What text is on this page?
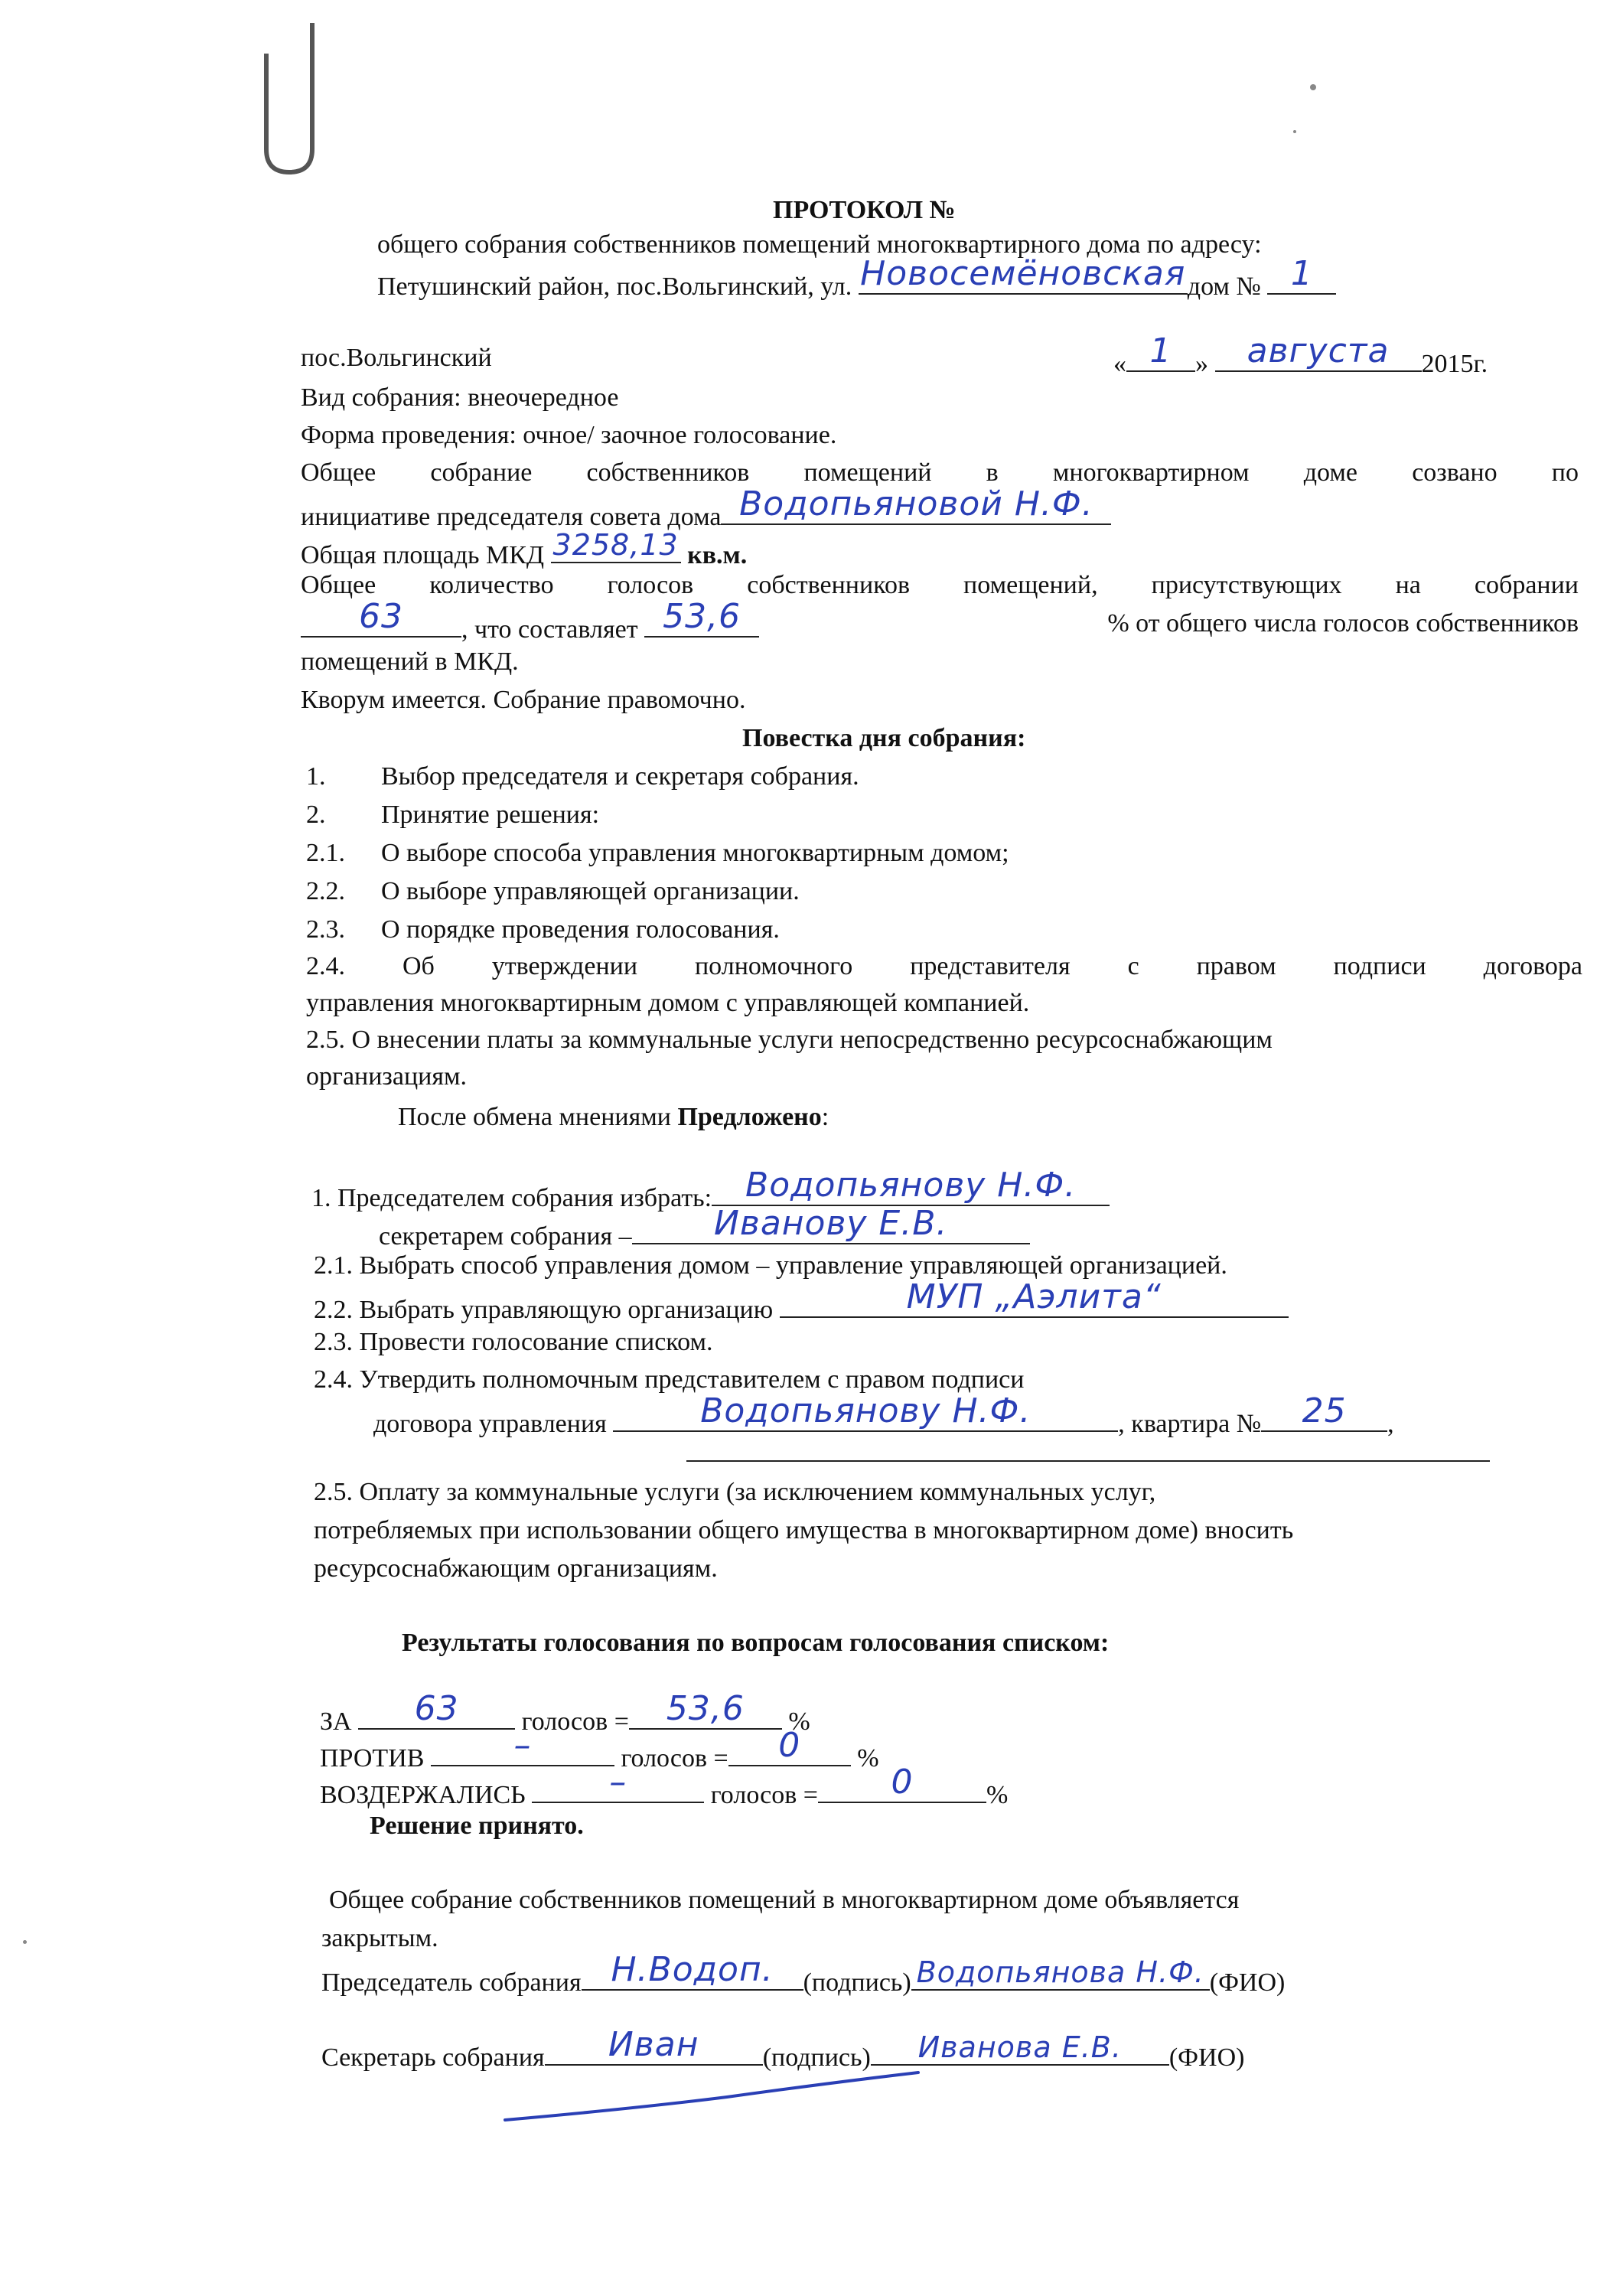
ПРОТОКОЛ №
общего собрания собственников помещений многоквартирного дома по адресу:
Петушинский район, пос.Вольгинский, ул. Новосемёновская дом № 1
пос.Вольгинский	« 1 »	августа	2015г.
Вид собрания: внеочередное
Форма проведения: очное/ заочное голосование.
Общее собрание собственников помещений в многоквартирном доме созвано по
инициативе председателя совета дома Водопьяновой Н.Ф.
Общая площадь МКД 3258,13 кв.м.
Общее количество голосов собственников помещений, присутствующих на собрании
63	, что составляет 53,6	% от общего числа голосов собственников
помещений в МКД.
Кворум имеется. Собрание правомочно.
Повестка дня собрания:
1. Выбор председателя и секретаря собрания.
2. Принятие решения:
2.1. О выборе способа управления многоквартирным домом;
2.2. О выборе управляющей организации.
2.3. О порядке проведения голосования.
2.4. Об утверждении полномочного представителя с правом подписи договора
управления многоквартирным домом с управляющей компанией.
2.5. О внесении платы за коммунальные услуги непосредственно ресурсоснабжающим
организациям.
После обмена мнениями Предложено:
1. Председателем собрания избрать: Водопьянову Н.Ф.
секретарем собрания –	Иванову Е.В.
2.1. Выбрать способ управления домом – управление управляющей организацией.
2.2. Выбрать управляющую организацию	МУП „Аэлита“
2.3. Провести голосование списком.
2.4. Утвердить полномочным представителем с правом подписи
договора управления	Водопьянову Н.Ф.	, квартира №	25	,
2.5. Оплату за коммунальные услуги (за исключением коммунальных услуг,
потребляемых при использовании общего имущества в многоквартирном доме) вносить
ресурсоснабжающим организациям.
Результаты голосования по вопросам голосования списком:
ЗА	63	голосов =	53,6	%
ПРОТИВ	–	голосов =	0	%
ВОЗДЕРЖАЛИСЬ	–	голосов =	0	%
Решение принято.
Общее собрание собственников помещений в многоквартирном доме объявляется
закрытым.
Председатель собрания Н.Водоп.	(подпись) Водопьянова Н.Ф. (ФИО)
Секретарь собрания	Иван	(подпись)	Иванова Е.В.	(ФИО)
